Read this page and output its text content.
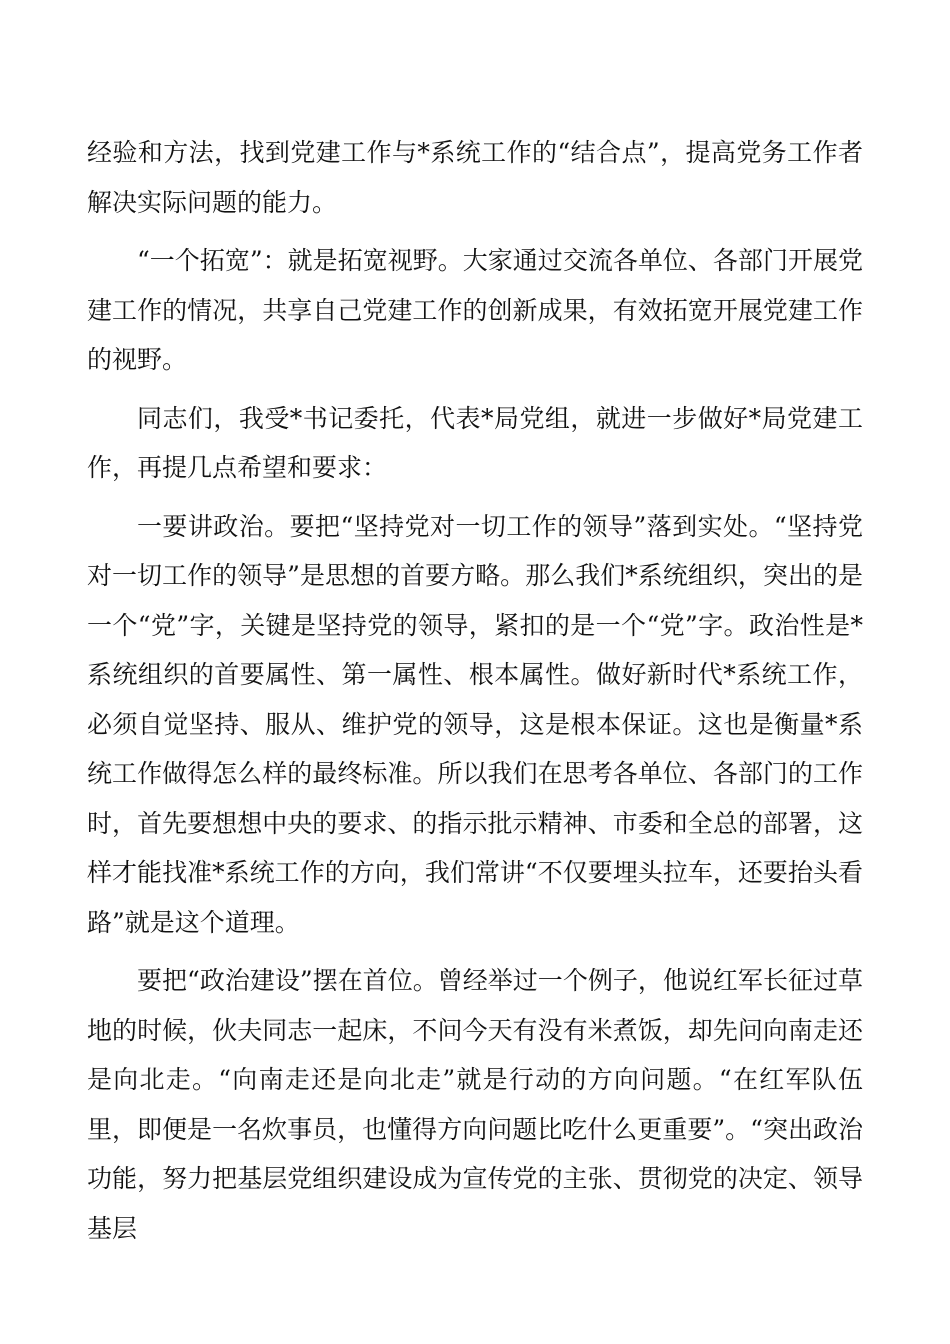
经验和方法，找到党建工作与*系统工作的“结合点”，提高党务工作者解决实际问题的能力。

“一个拓宽”：就是拓宽视野。大家通过交流各单位、各部门开展党建工作的情况，共享自己党建工作的创新成果，有效拓宽开展党建工作的视野。

同志们，我受*书记委托，代表*局党组，就进一步做好*局党建工作，再提几点希望和要求：

一要讲政治。要把“坚持党对一切工作的领导”落到实处。“坚持党对一切工作的领导”是思想的首要方略。那么我们*系统组织，突出的是一个“党”字，关键是坚持党的领导，紧扣的是一个“党”字。政治性是*系统组织的首要属性、第一属性、根本属性。做好新时代*系统工作，必须自觉坚持、服从、维护党的领导，这是根本保证。这也是衡量*系统工作做得怎么样的最终标准。所以我们在思考各单位、各部门的工作时，首先要想想中央的要求、的指示批示精神、市委和全总的部署，这样才能找准*系统工作的方向，我们常讲“不仅要埋头拉车，还要抬头看路”就是这个道理。

要把“政治建设”摆在首位。曾经举过一个例子，他说红军长征过草地的时候，伙夫同志一起床，不问今天有没有米煮饭，却先问向南走还是向北走。“向南走还是向北走”就是行动的方向问题。“在红军队伍里，即便是一名炊事员，也懂得方向问题比吃什么更重要”。“突出政治功能，努力把基层党组织建设成为宣传党的主张、贯彻党的决定、领导基层
